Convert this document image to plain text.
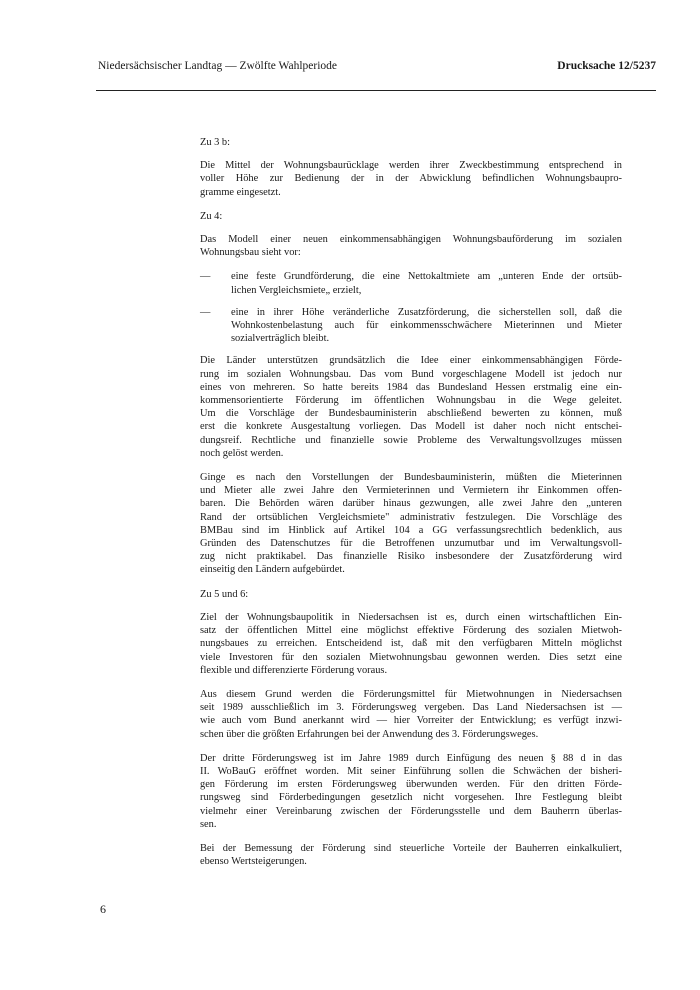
Niedersächsischer Landtag — Zwölfte Wahlperiode	Drucksache 12/5237

Zu 3 b:

Die Mittel der Wohnungsbaurücklage werden ihrer Zweckbestimmung entsprechend in
voller Höhe zur Bedienung der in der Abwicklung befindlichen Wohnungsbaupro-
gramme eingesetzt.

Zu 4:

Das Modell einer neuen einkommensabhängigen Wohnungsbauförderung im sozialen
Wohnungsbau sieht vor:

— eine feste Grundförderung, die eine Nettokaltmiete am „unteren Ende der ortsüb-
lichen Vergleichsmiete„ erzielt,
— eine in ihrer Höhe veränderliche Zusatzförderung, die sicherstellen soll, daß die
Wohnkostenbelastung auch für einkommensschwächere Mieterinnen und Mieter
sozialverträglich bleibt.

Die Länder unterstützen grundsätzlich die Idee einer einkommensabhängigen Förde-
rung im sozialen Wohnungsbau. Das vom Bund vorgeschlagene Modell ist jedoch nur
eines von mehreren. So hatte bereits 1984 das Bundesland Hessen erstmalig eine ein-
kommensorientierte Förderung im öffentlichen Wohnungsbau in die Wege geleitet.
Um die Vorschläge der Bundesbauministerin abschließend bewerten zu können, muß
erst die konkrete Ausgestaltung vorliegen. Das Modell ist daher noch nicht entschei-
dungsreif. Rechtliche und finanzielle sowie Probleme des Verwaltungsvollzuges müssen
noch gelöst werden.

Ginge es nach den Vorstellungen der Bundesbauministerin, müßten die Mieterinnen
und Mieter alle zwei Jahre den Vermieterinnen und Vermietern ihr Einkommen offen-
baren. Die Behörden wären darüber hinaus gezwungen, alle zwei Jahre den „unteren
Rand der ortsüblichen Vergleichsmiete" administrativ festzulegen. Die Vorschläge des
BMBau sind im Hinblick auf Artikel 104 a GG verfassungsrechtlich bedenklich, aus
Gründen des Datenschutzes für die Betroffenen unzumutbar und im Verwaltungsvoll-
zug nicht praktikabel. Das finanzielle Risiko insbesondere der Zusatzförderung wird
einseitig den Ländern aufgebürdet.

Zu 5 und 6:

Ziel der Wohnungsbaupolitik in Niedersachsen ist es, durch einen wirtschaftlichen Ein-
satz der öffentlichen Mittel eine möglichst effektive Förderung des sozialen Mietwoh-
nungsbaues zu erreichen. Entscheidend ist, daß mit den verfügbaren Mitteln möglichst
viele Investoren für den sozialen Mietwohnungsbau gewonnen werden. Dies setzt eine
flexible und differenzierte Förderung voraus.

Aus diesem Grund werden die Förderungsmittel für Mietwohnungen in Niedersachsen
seit 1989 ausschließlich im 3. Förderungsweg vergeben. Das Land Niedersachsen ist —
wie auch vom Bund anerkannt wird — hier Vorreiter der Entwicklung; es verfügt inzwi-
schen über die größten Erfahrungen bei der Anwendung des 3. Förderungsweges.

Der dritte Förderungsweg ist im Jahre 1989 durch Einfügung des neuen § 88 d in das
II. WoBauG eröffnet worden. Mit seiner Einführung sollen die Schwächen der bisheri-
gen Förderung im ersten Förderungsweg überwunden werden. Für den dritten Förde-
rungsweg sind Förderbedingungen gesetzlich nicht vorgesehen. Ihre Festlegung bleibt
vielmehr einer Vereinbarung zwischen der Förderungsstelle und dem Bauherrn überlas-
sen.

Bei der Bemessung der Förderung sind steuerliche Vorteile der Bauherren einkalkuliert,
ebenso Wertsteigerungen.

6
